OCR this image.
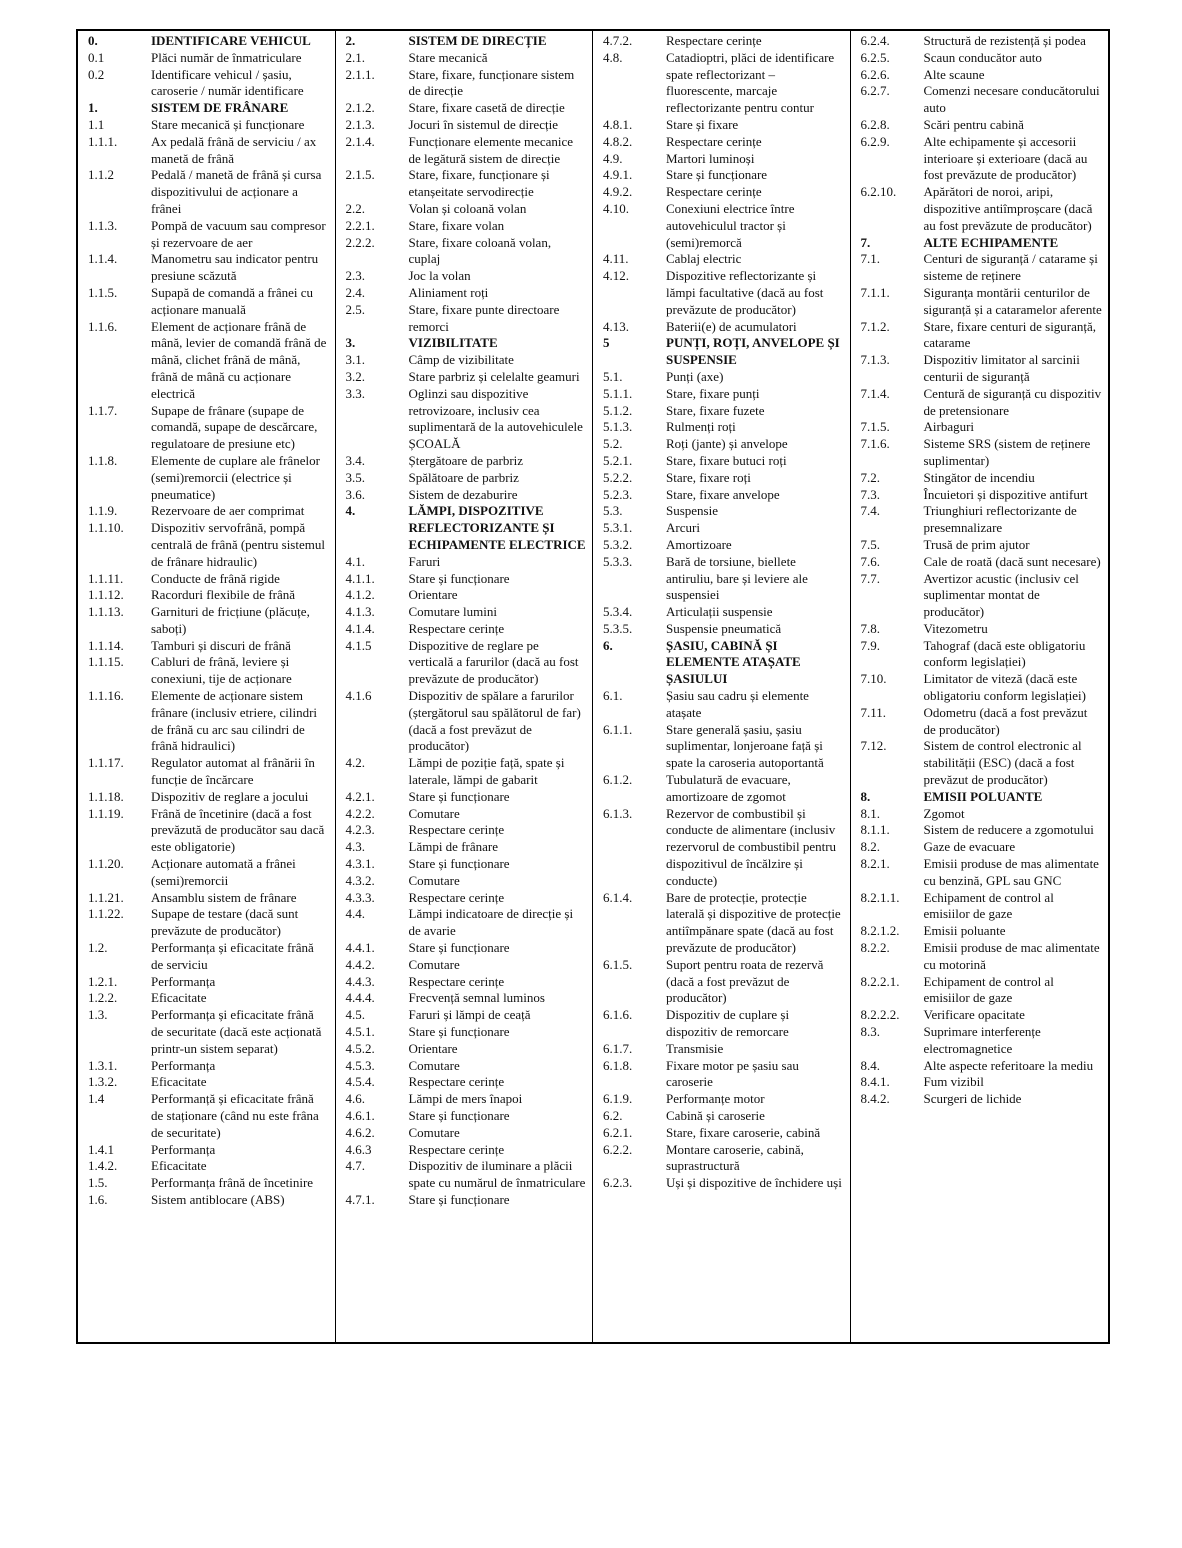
0.	IDENTIFICARE VEHICUL
0.1	Plăci număr de înmatriculare
0.2	Identificare vehicul / șasiu, caroserie / număr identificare
1.	SISTEM DE FRÂNARE
1.1	Stare mecanică și funcționare
1.1.1.	Ax pedală frână de serviciu / ax manetă de frână
1.1.2	Pedală / manetă de frână și cursa dispozitivului de acționare a frânei
1.1.3.	Pompă de vacuum sau compresor și rezervoare de aer
1.1.4.	Manometru sau indicator pentru presiune scăzută
1.1.5.	Supapă de comandă a frânei cu acționare manuală
1.1.6.	Element de acționare frână de mână, levier de comandă frână de mână, clichet frână de mână, frână de mână cu acționare electrică
1.1.7.	Supape de frânare (supape de comandă, supape de descărcare, regulatoare de presiune etc)
1.1.8.	Elemente de cuplare ale frânelor (semi)remorcii (electrice și pneumatice)
1.1.9.	Rezervoare de aer comprimat
1.1.10.	Dispozitiv servofrână, pompă centrală de frână (pentru sistemul de frânare hidraulic)
1.1.11.	Conducte de frână rigide
1.1.12.	Racorduri flexibile de frână
1.1.13.	Garnituri de fricțiune (plăcuțe, saboți)
1.1.14.	Tamburi și discuri de frână
1.1.15.	Cabluri de frână, leviere și conexiuni, tije de acționare
1.1.16.	Elemente de acționare sistem frânare (inclusiv etriere, cilindri de frână cu arc sau cilindri de frână hidraulici)
1.1.17.	Regulator automat al frânării în funcție de încărcare
1.1.18.	Dispozitiv de reglare a jocului
1.1.19.	Frână de încetinire (dacă a fost prevăzută de producător sau dacă este obligatorie)
1.1.20.	Acționare automată a frânei (semi)remorcii
1.1.21.	Ansamblu sistem de frânare
1.1.22.	Supape de testare (dacă sunt prevăzute de producător)
1.2.	Performanța și eficacitate frână de serviciu
1.2.1.	Performanța
1.2.2.	Eficacitate
1.3.	Performanța și eficacitate frână de securitate (dacă este acționată printr-un sistem separat)
1.3.1.	Performanța
1.3.2.	Eficacitate
1.4	Performanță și eficacitate frână de staționare (când nu este frâna de securitate)
1.4.1	Performanța
1.4.2.	Eficacitate
1.5.	Performanța frână de încetinire
1.6.	Sistem antiblocare (ABS)
2.	SISTEM DE DIRECȚIE
2.1.	Stare mecanică
2.1.1.	Stare, fixare, funcționare sistem de direcție
2.1.2.	Stare, fixare casetă de direcție
2.1.3.	Jocuri în sistemul de direcție
2.1.4.	Funcționare elemente mecanice de legătură sistem de direcție
2.1.5.	Stare, fixare, funcționare și etanșeitate servodirecție
2.2.	Volan și coloană volan
2.2.1.	Stare, fixare volan
2.2.2.	Stare, fixare coloană volan, cuplaj
2.3.	Joc la volan
2.4.	Aliniament roți
2.5.	Stare, fixare punte directoare remorci
3.	VIZIBILITATE
3.1.	Câmp de vizibilitate
3.2.	Stare parbriz și celelalte geamuri
3.3.	Oglinzi sau dispozitive retrovizoare, inclusiv cea suplimentară de la autovehiculele ȘCOALĂ
3.4.	Ștergătoare de parbriz
3.5.	Spălătoare de parbriz
3.6.	Sistem de dezaburire
4.	LĂMPI, DISPOZITIVE REFLECTORIZANTE ȘI ECHIPAMENTE ELECTRICE
4.1.	Faruri
4.1.1.	Stare și funcționare
4.1.2.	Orientare
4.1.3.	Comutare lumini
4.1.4.	Respectare cerințe
4.1.5	Dispozitive de reglare pe verticală a farurilor (dacă au fost prevăzute de producător)
4.1.6	Dispozitiv de spălare a farurilor (ștergătorul sau spălătorul de far) (dacă a fost prevăzut de producător)
4.2.	Lămpi de poziție față, spate și laterale, lămpi de gabarit
4.2.1.	Stare și funcționare
4.2.2.	Comutare
4.2.3.	Respectare cerințe
4.3.	Lămpi de frânare
4.3.1.	Stare și funcționare
4.3.2.	Comutare
4.3.3.	Respectare cerințe
4.4.	Lămpi indicatoare de direcție și de avarie
4.4.1.	Stare și funcționare
4.4.2.	Comutare
4.4.3.	Respectare cerințe
4.4.4.	Frecvență semnal luminos
4.5.	Faruri și lămpi de ceață
4.5.1.	Stare și funcționare
4.5.2.	Orientare
4.5.3.	Comutare
4.5.4.	Respectare cerințe
4.6.	Lămpi de mers înapoi
4.6.1.	Stare și funcționare
4.6.2.	Comutare
4.6.3	Respectare cerințe
4.7.	Dispozitiv de iluminare a plăcii spate cu numărul de înmatriculare
4.7.1.	Stare și funcționare
4.7.2.	Respectare cerințe
4.8.	Catadioptri, plăci de identificare spate reflectorizant – fluorescente, marcaje reflectorizante pentru contur
4.8.1.	Stare și fixare
4.8.2.	Respectare cerințe
4.9.	Martori luminoși
4.9.1.	Stare și funcționare
4.9.2.	Respectare cerințe
4.10.	Conexiuni electrice între autovehiculul tractor și (semi)remorcă
4.11.	Cablaj electric
4.12.	Dispozitive reflectorizante și lămpi facultative (dacă au fost prevăzute de producător)
4.13.	Baterii(e) de acumulatori
5	PUNȚI, ROȚI, ANVELOPE ȘI SUSPENSIE
5.1.	Punți (axe)
5.1.1.	Stare, fixare punți
5.1.2.	Stare, fixare fuzete
5.1.3.	Rulmenți roți
5.2.	Roți (jante) și anvelope
5.2.1.	Stare, fixare butuci roți
5.2.2.	Stare, fixare roți
5.2.3.	Stare, fixare anvelope
5.3.	Suspensie
5.3.1.	Arcuri
5.3.2.	Amortizoare
5.3.3.	Bară de torsiune, biellete antiruliu, bare și leviere ale suspensiei
5.3.4.	Articulații suspensie
5.3.5.	Suspensie pneumatică
6.	ȘASIU, CABINĂ ȘI ELEMENTE ATAȘATE ȘASIULUI
6.1.	Șasiu sau cadru și elemente atașate
6.1.1.	Stare generală șasiu, șasiu suplimentar, lonjeroane față și spate la caroseria autoportantă
6.1.2.	Tubulatură de evacuare, amortizoare de zgomot
6.1.3.	Rezervor de combustibil și conducte de alimentare (inclusiv rezervorul de combustibil pentru dispozitivul de încălzire și conducte)
6.1.4.	Bare de protecție, protecție laterală și dispozitive de protecție antiîmpănare spate (dacă au fost prevăzute de producător)
6.1.5.	Suport pentru roata de rezervă (dacă a fost prevăzut de producător)
6.1.6.	Dispozitiv de cuplare și dispozitiv de remorcare
6.1.7.	Transmisie
6.1.8.	Fixare motor pe șasiu sau caroserie
6.1.9.	Performanțe motor
6.2.	Cabină și caroserie
6.2.1.	Stare, fixare caroserie, cabină
6.2.2.	Montare caroserie, cabină, suprastructură
6.2.3.	Uși și dispozitive de închidere uși
6.2.4.	Structură de rezistență și podea
6.2.5.	Scaun conducător auto
6.2.6.	Alte scaune
6.2.7.	Comenzi necesare conducătorului auto
6.2.8.	Scări pentru cabină
6.2.9.	Alte echipamente și accesorii interioare și exterioare (dacă au fost prevăzute de producător)
6.2.10.	Apărători de noroi, aripi, dispozitive antiîmproșcare (dacă au fost prevăzute de producător)
7.	ALTE ECHIPAMENTE
7.1.	Centuri de siguranță / catarame și sisteme de reținere
7.1.1.	Siguranța montării centurilor de siguranță și a cataramelor aferente
7.1.2.	Stare, fixare centuri de siguranță, catarame
7.1.3.	Dispozitiv limitator al sarcinii centurii de siguranță
7.1.4.	Centură de siguranță cu dispozitiv de pretensionare
7.1.5.	Airbaguri
7.1.6.	Sisteme SRS (sistem de reținere suplimentar)
7.2.	Stingător de incendiu
7.3.	Încuietori și dispozitive antifurt
7.4.	Triunghiuri reflectorizante de presemnalizare
7.5.	Trusă de prim ajutor
7.6.	Cale de roată (dacă sunt necesare)
7.7.	Avertizor acustic (inclusiv cel suplimentar montat de producător)
7.8.	Vitezometru
7.9.	Tahograf (dacă este obligatoriu conform legislației)
7.10.	Limitator de viteză (dacă este obligatoriu conform legislației)
7.11.	Odometru (dacă a fost prevăzut de producător)
7.12.	Sistem de control electronic al stabilității (ESC) (dacă a fost prevăzut de producător)
8.	EMISII POLUANTE
8.1.	Zgomot
8.1.1.	Sistem de reducere a zgomotului
8.2.	Gaze de evacuare
8.2.1.	Emisii produse de mas alimentate cu benzină, GPL sau GNC
8.2.1.1.	Echipament de control al emisiilor de gaze
8.2.1.2.	Emisii poluante
8.2.2.	Emisii produse de mac alimentate cu motorină
8.2.2.1.	Echipament de control al emisiilor de gaze
8.2.2.2.	Verificare opacitate
8.3.	Suprimare interferențe electromagnetice
8.4.	Alte aspecte referitoare la mediu
8.4.1.	Fum vizibil
8.4.2.	Scurgeri de lichide
